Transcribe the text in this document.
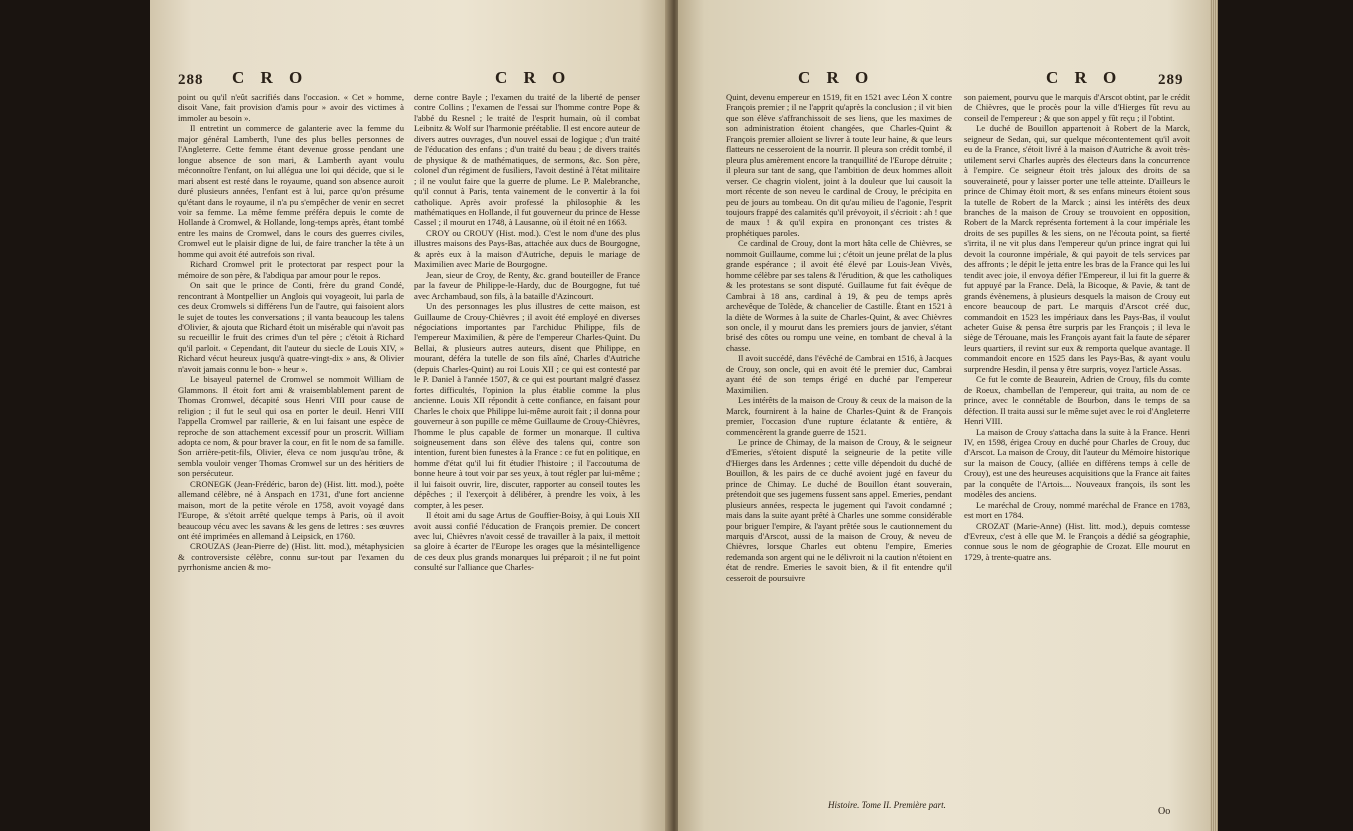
288 C R O	C R O

point ou qu'il n'eût sacrifiés dans l'occasion. « Cet » homme, disoit Vane, fait provision d'amis pour » avoir des victimes à immoler au besoin ».

Il entretint un commerce de galanterie avec la femme du major général Lamberth, l'une des plus belles personnes de l'Angleterre. Cette femme étant devenue grosse pendant une longue absence de son mari, & Lamberth ayant voulu méconnoître l'enfant, on lui allégua une loi qui décide, que si le mari absent est resté dans le royaume, quand son absence auroit duré plusieurs années, l'enfant est à lui, parce qu'on présume qu'étant dans le royaume, il n'a pu s'empêcher de venir en secret voir sa femme. La même femme préféra depuis le comte de Hollande à Cromwel, & Hollande, long-temps après, étant tombé entre les mains de Cromwel, dans le cours des guerres civiles, Cromwel eut le plaisir digne de lui, de faire trancher la tête à un homme qui avoit été autrefois son rival.

Richard Cromwel prit le protectorat par respect pour la mémoire de son père, & l'abdiqua par amour pour le repos.

On sait que le prince de Conti, frère du grand Condé, rencontrant à Montpellier un Anglois qui voyageoit, lui parla de ces deux Cromwels si différens l'un de l'autre, qui faisoient alors le sujet de toutes les conversations ; il vanta beaucoup les talens d'Olivier, & ajouta que Richard étoit un misérable qui n'avoit pas su recueillir le fruit des crimes d'un tel père ; c'étoit à Richard qu'il parloit. « Cependant, dit l'auteur du siecle de Louis XIV, » Richard vécut heureux jusqu'à quatre-vingt-dix » ans, & Olivier n'avoit jamais connu le bon- » heur ».

Le bisayeul paternel de Cromwel se nommoit William de Glammons. Il étoit fort ami & vraisemblablement parent de Thomas Cromwel, décapité sous Henri VIII pour cause de religion ; il fut le seul qui osa en porter le deuil. Henri VIII l'appella Cromwel par raillerie, & en lui faisant une espèce de reproche de son attachement excessif pour un proscrit. William adopta ce nom, & pour braver la cour, en fit le nom de sa famille. Son arrière-petit-fils, Olivier, éleva ce nom jusqu'au trône, & sembla vouloir venger Thomas Cromwel sur un des héritiers de son persécuteur.

CRONEGK (Jean-Frédéric, baron de) (Hist. litt. mod.), poëte allemand célèbre, né à Anspach en 1731, d'une fort ancienne maison, mort de la petite vérole en 1758, avoit voyagé dans l'Europe, & s'étoit arrêté quelque temps à Paris, où il avoit beaucoup vécu avec les savans & les gens de lettres : ses œuvres ont été imprimées en allemand à Leipsick, en 1760.

CROUZAS (Jean-Pierre de) (Hist. litt. mod.), métaphysicien & controversiste célèbre, connu sur-tout par l'examen du pyrrhonisme ancien & mo-

derne contre Bayle ; l'examen du traité de la liberté de penser contre Collins ; l'examen de l'essai sur l'homme contre Pope & l'abbé du Resnel ; le traité de l'esprit humain, où il combat Leibnitz & Wolf sur l'harmonie préétablie. Il est encore auteur de divers autres ouvrages, d'un nouvel essai de logique ; d'un traité de l'éducation des enfans ; d'un traité du beau ; de divers traités de physique & de mathématiques, de sermons, &c. Son père, colonel d'un régiment de fusiliers, l'avoit destiné à l'état militaire ; il ne voulut faire que la guerre de plume. Le P. Malebranche, qu'il connut à Paris, tenta vainement de le convertir à la foi catholique. Après avoir professé la philosophie & les mathématiques en Hollande, il fut gouverneur du prince de Hesse Cassel ; il mourut en 1748, à Lausanne, où il étoit né en 1663.

CROY ou CROUY (Hist. mod.). C'est le nom d'une des plus illustres maisons des Pays-Bas, attachée aux ducs de Bourgogne, & après eux à la maison d'Autriche, depuis le mariage de Maximilien avec Marie de Bourgogne.

Jean, sieur de Croy, de Renty, &c. grand bouteiller de France par la faveur de Philippe-le-Hardy, duc de Bourgogne, fut tué avec Archambaud, son fils, à la bataille d'Azincourt.

Un des personnages les plus illustres de cette maison, est Guillaume de Crouy-Chièvres ; il avoit été employé en diverses négociations importantes par l'archiduc Philippe, fils de l'empereur Maximilien, & père de l'empereur Charles-Quint. Du Bellai, & plusieurs autres auteurs, disent que Philippe, en mourant, déféra la tutelle de son fils aîné, Charles d'Autriche (depuis Charles-Quint) au roi Louis XII ; ce qui est contesté par le P. Daniel à l'année 1507, & ce qui est pourtant malgré d'assez fortes difficultés, l'opinion la plus établie comme la plus ancienne. Louis XII répondit à cette confiance, en faisant pour Charles le choix que Philippe lui-même auroit fait ; il donna pour gouverneur à son pupille ce même Guillaume de Crouy-Chièvres, l'homme le plus capable de former un monarque. Il cultiva soigneusement dans son élève des talens qui, contre son intention, furent bien funestes à la France : ce fut en politique, en homme d'état qu'il lui fit étudier l'histoire ; il l'accoutuma de bonne heure à tout voir par ses yeux, à tout régler par lui-même ; il lui faisoit ouvrir, lire, discuter, rapporter au conseil toutes les dépêches ; il l'exerçoit à délibérer, à prendre les voix, à les compter, à les peser.

Il étoit ami du sage Artus de Gouffier-Boisy, à qui Louis XII avoit aussi confié l'éducation de François premier. De concert avec lui, Chièvres n'avoit cessé de travailler à la paix, il mettoit sa gloire à écarter de l'Europe les orages que la mésintelligence de ces deux plus grands monarques lui préparoit ; il ne fut point consulté sur l'alliance que Charles-

C R O	C R O 289

Quint, devenu empereur en 1519, fit en 1521 avec Léon X contre François premier ; il ne l'apprit qu'après la conclusion ; il vit bien que son élève s'affranchissoit de ses liens, que les maximes de son administration étoient changées, que Charles-Quint & François premier alloient se livrer à toute leur haine, & que leurs flatteurs ne cesseroient de la nourrir. Il pleura son crédit tombé, il pleura plus amèrement encore la tranquillité de l'Europe détruite ; il pleura sur tant de sang, que l'ambition de deux hommes alloit verser. Ce chagrin violent, joint à la douleur que lui causoit la mort récente de son neveu le cardinal de Crouy, le précipita en peu de jours au tombeau. On dit qu'au milieu de l'agonie, l'esprit toujours frappé des calamités qu'il prévoyoit, il s'écrioit : ah ! que de maux ! & qu'il expira en prononçant ces tristes & prophétiques paroles.

Ce cardinal de Crouy, dont la mort hâta celle de Chièvres, se nommoit Guillaume, comme lui ; c'étoit un jeune prélat de la plus grande espérance ; il avoit été élevé par Louis-Jean Vivès, homme célèbre par ses talens & l'érudition, & que les catholiques & les protestans se sont disputé. Guillaume fut fait évêque de Cambrai à 18 ans, cardinal à 19, & peu de temps après archevêque de Tolède, & chancelier de Castille. Étant en 1521 à la diète de Wormes à la suite de Charles-Quint, & avec Chièvres son oncle, il y mourut dans les premiers jours de janvier, s'étant brisé des côtes ou rompu une veine, en tombant de cheval à la chasse.

Il avoit succédé, dans l'évêché de Cambrai en 1516, à Jacques de Crouy, son oncle, qui en avoit été le premier duc, Cambrai ayant été de son temps érigé en duché par l'empereur Maximilien.

Les intérêts de la maison de Crouy & ceux de la maison de la Marck, fournirent à la haine de Charles-Quint & de François premier, l'occasion d'une rupture éclatante & entière, & commencèrent la grande guerre de 1521.

Le prince de Chimay, de la maison de Crouy, & le seigneur d'Emeries, s'étoient disputé la seigneurie de la petite ville d'Hierges dans les Ardennes ; cette ville dépendoit du duché de Bouillon, & les pairs de ce duché avoient jugé en faveur du prince de Chimay. Le duché de Bouillon étant souverain, prétendoit que ses jugemens fussent sans appel. Emeries, pendant plusieurs années, respecta le jugement qui l'avoit condamné ; mais dans la suite ayant prêté à Charles une somme considérable pour briguer l'empire, & l'ayant prêtée sous le cautionnement du marquis d'Arscot, aussi de la maison de Crouy, & neveu de Chièvres, lorsque Charles eut obtenu l'empire, Emeries redemanda son argent qui ne le délivroit ni la caution n'étoient en état de rendre. Emeries le savoit bien, & il fit entendre qu'il cesseroit de poursuivre

son paiement, pourvu que le marquis d'Arscot obtint, par le crédit de Chièvres, que le procès pour la ville d'Hierges fût revu au conseil de l'empereur ; & que son appel y fût reçu ; il l'obtint.

Le duché de Bouillon appartenoit à Robert de la Marck, seigneur de Sedan, qui, sur quelque mécontentement qu'il avoit eu de la France, s'étoit livré à la maison d'Autriche & avoit très-utilement servi Charles auprès des électeurs dans la concurrence à l'empire. Ce seigneur étoit très jaloux des droits de sa souveraineté, pour y laisser porter une telle atteinte. D'ailleurs le prince de Chimay étoit mort, & ses enfans mineurs étoient sous la tutelle de Robert de la Marck ; ainsi les intérêts des deux branches de la maison de Crouy se trouvoient en opposition, Robert de la Marck représenta fortement à la cour impériale les droits de ses pupilles & les siens, on ne l'écouta point, sa fierté s'irrita, il ne vit plus dans l'empereur qu'un prince ingrat qui lui devoit la couronne impériale, & qui payoit de tels services par des affronts ; le dépit le jetta entre les bras de la France qui les lui tendit avec joie, il envoya défier l'Empereur, il lui fit la guerre & fut appuyé par la France. Delà, la Bicoque, & Pavie, & tant de grands évènemens, à plusieurs desquels la maison de Crouy eut encore beaucoup de part. Le marquis d'Arscot créé duc, commandoit en 1523 les impériaux dans les Pays-Bas, il voulut acheter Guise & pensa être surpris par les François ; il leva le siège de Térouane, mais les François ayant fait la faute de séparer leurs quartiers, il revint sur eux & remporta quelque avantage. Il commandoit encore en 1525 dans les Pays-Bas, & ayant voulu surprendre Hesdin, il pensa y être surpris, voyez l'article Assas.

Ce fut le comte de Beaurein, Adrien de Crouy, fils du comte de Roeux, chambellan de l'empereur, qui traita, au nom de ce prince, avec le connétable de Bourbon, dans le temps de sa défection. Il traita aussi sur le même sujet avec le roi d'Angleterre Henri VIII.

La maison de Crouy s'attacha dans la suite à la France. Henri IV, en 1598, érigea Crouy en duché pour Charles de Crouy, duc d'Arscot. La maison de Crouy, dit l'auteur du Mémoire historique sur la maison de Coucy, (alliée en différens temps à celle de Crouy), est une des heureuses acquisitions que la France ait faites par la conquête de l'Artois.... Nouveaux françois, ils sont les modèles des anciens.

Le maréchal de Crouy, nommé maréchal de France en 1783, est mort en 1784.

CROZAT (Marie-Anne) (Hist. litt. mod.), depuis comtesse d'Evreux, c'est à elle que M. le François a dédié sa géographie, connue sous le nom de géographie de Crozat. Elle mourut en 1729, à trente-quatre ans.

Histoire. Tome II. Première part.
Oo
